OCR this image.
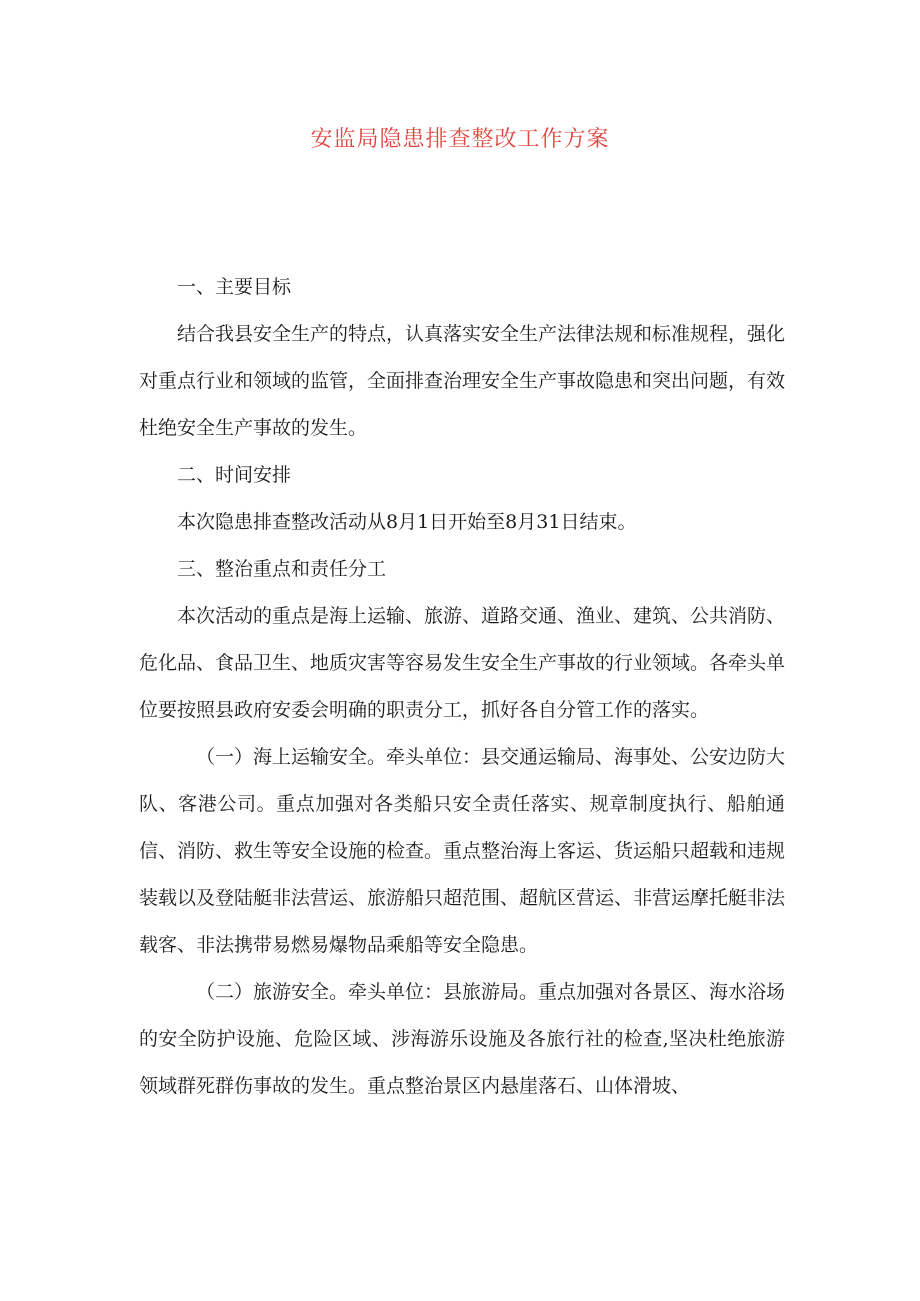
安监局隐患排查整改工作方案

一、主要目标

结合我县安全生产的特点，认真落实安全生产法律法规和标准规程，强化对重点行业和领域的监管，全面排查治理安全生产事故隐患和突出问题，有效杜绝安全生产事故的发生。

二、时间安排

本次隐患排查整改活动从8月1日开始至8月31日结束。

三、整治重点和责任分工

本次活动的重点是海上运输、旅游、道路交通、渔业、建筑、公共消防、危化品、食品卫生、地质灾害等容易发生安全生产事故的行业领域。各牵头单位要按照县政府安委会明确的职责分工，抓好各自分管工作的落实。

（一）海上运输安全。牵头单位：县交通运输局、海事处、公安边防大队、客港公司。重点加强对各类船只安全责任落实、规章制度执行、船舶通信、消防、救生等安全设施的检查。重点整治海上客运、货运船只超载和违规装载以及登陆艇非法营运、旅游船只超范围、超航区营运、非营运摩托艇非法载客、非法携带易燃易爆物品乘船等安全隐患。

（二）旅游安全。牵头单位：县旅游局。重点加强对各景区、海水浴场的安全防护设施、危险区域、涉海游乐设施及各旅行社的检查,坚决杜绝旅游领域群死群伤事故的发生。重点整治景区内悬崖落石、山体滑坡、
